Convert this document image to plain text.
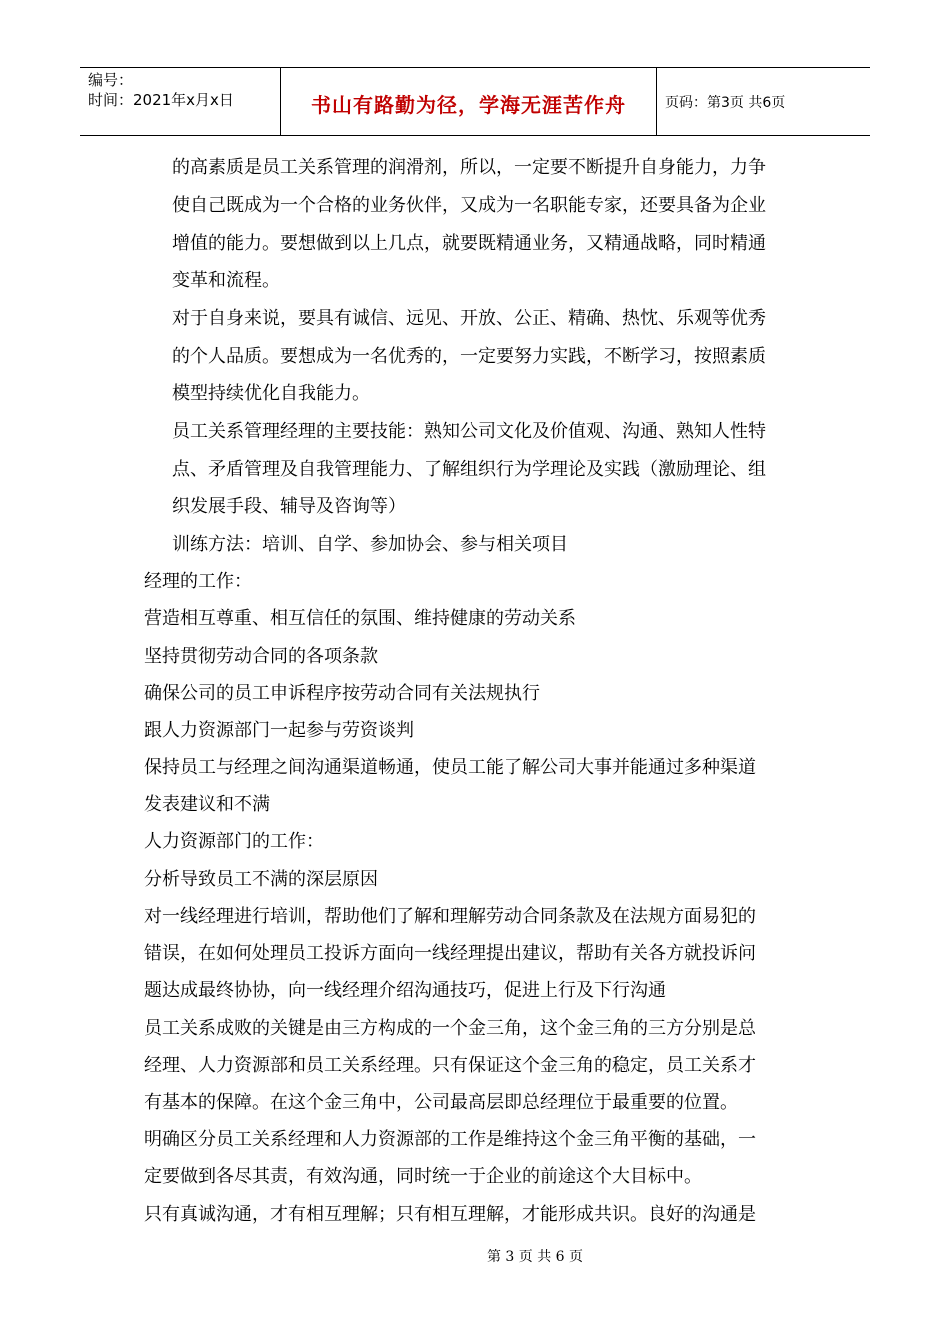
编号：
时间：2021年x月x日	书山有路勤为径，学海无涯苦作舟	页码：第3页 共6页
的高素质是员工关系管理的润滑剂，所以，一定要不断提升自身能力，力争
使自己既成为一个合格的业务伙伴，又成为一名职能专家，还要具备为企业
增值的能力。要想做到以上几点，就要既精通业务，又精通战略，同时精通
变革和流程。
对于自身来说，要具有诚信、远见、开放、公正、精确、热忱、乐观等优秀
的个人品质。要想成为一名优秀的，一定要努力实践，不断学习，按照素质
模型持续优化自我能力。
员工关系管理经理的主要技能：熟知公司文化及价值观、沟通、熟知人性特
点、矛盾管理及自我管理能力、了解组织行为学理论及实践（激励理论、组
织发展手段、辅导及咨询等）
训练方法：培训、自学、参加协会、参与相关项目
经理的工作：
营造相互尊重、相互信任的氛围、维持健康的劳动关系
坚持贯彻劳动合同的各项条款
确保公司的员工申诉程序按劳动合同有关法规执行
跟人力资源部门一起参与劳资谈判
保持员工与经理之间沟通渠道畅通，使员工能了解公司大事并能通过多种渠道
发表建议和不满
人力资源部门的工作：
分析导致员工不满的深层原因
对一线经理进行培训，帮助他们了解和理解劳动合同条款及在法规方面易犯的
错误，在如何处理员工投诉方面向一线经理提出建议，帮助有关各方就投诉问
题达成最终协协，向一线经理介绍沟通技巧，促进上行及下行沟通
员工关系成败的关键是由三方构成的一个金三角，这个金三角的三方分别是总
经理、人力资源部和员工关系经理。只有保证这个金三角的稳定，员工关系才
有基本的保障。在这个金三角中，公司最高层即总经理位于最重要的位置。
明确区分员工关系经理和人力资源部的工作是维持这个金三角平衡的基础，一
定要做到各尽其责，有效沟通，同时统一于企业的前途这个大目标中。
只有真诚沟通，才有相互理解；只有相互理解，才能形成共识。良好的沟通是
第 3 页 共 6 页
